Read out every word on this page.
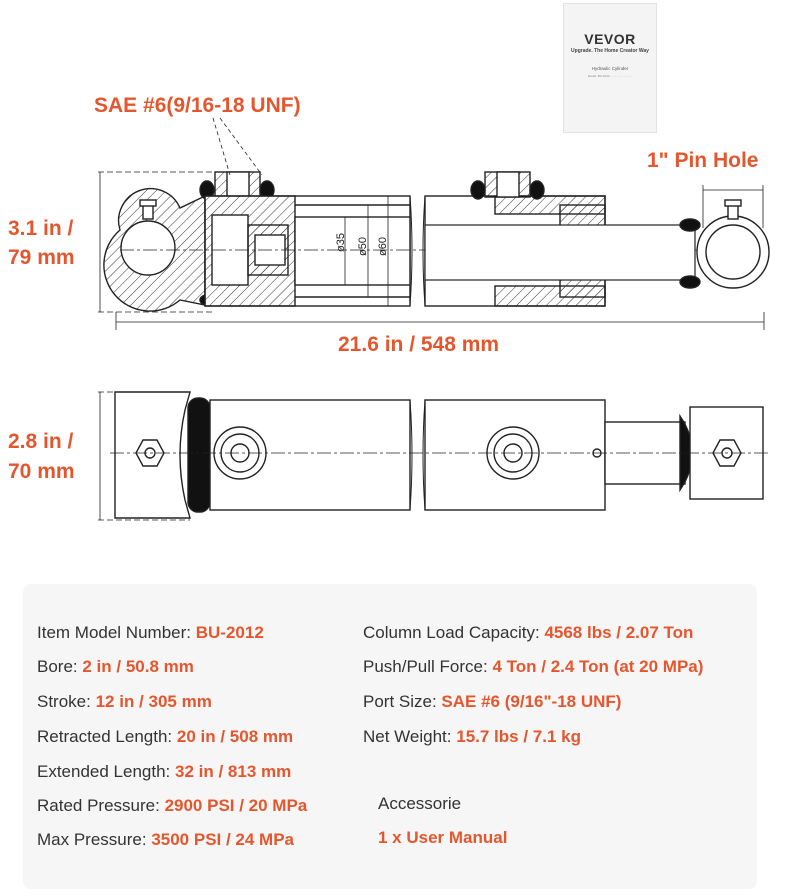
ø35 ø50 ø60
SAE #6(9/16-18 UNF)
1" Pin Hole
3.1 in /
79 mm
21.6 in / 548 mm
2.8 in /
70 mm
VEVOR
Upgrade. The Home Creator Way
Hydraulic Cylinder
Model: BU-2012 ........ ........ ........
Item Model Number: BU-2012
Bore: 2 in / 50.8 mm
Stroke: 12 in / 305 mm
Retracted Length: 20 in / 508 mm
Extended Length: 32 in / 813 mm
Rated Pressure: 2900 PSI / 20 MPa
Max Pressure: 3500 PSI / 24 MPa
Column Load Capacity: 4568 lbs / 2.07 Ton
Push/Pull Force: 4 Ton / 2.4 Ton (at 20 MPa)
Port Size: SAE #6 (9/16"-18 UNF)
Net Weight: 15.7 lbs / 7.1 kg
Accessorie
1 x User Manual
